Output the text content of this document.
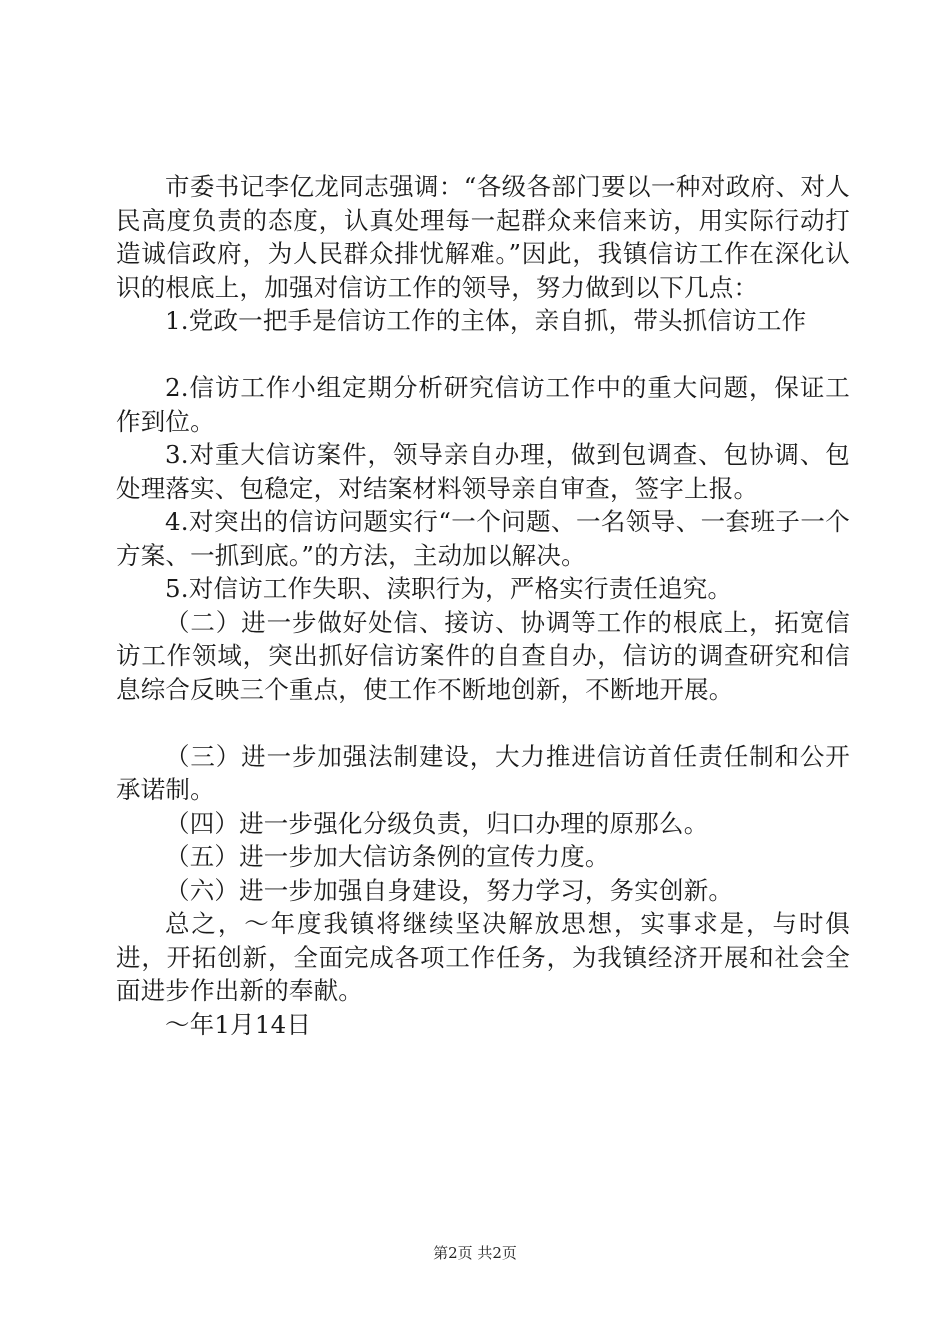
市委书记李亿龙同志强调：“各级各部门要以一种对政府、对人民高度负责的态度，认真处理每一起群众来信来访，用实际行动打造诚信政府，为人民群众排忧解难。”因此，我镇信访工作在深化认识的根底上，加强对信访工作的领导，努力做到以下几点：

1.党政一把手是信访工作的主体，亲自抓，带头抓信访工作

2.信访工作小组定期分析研究信访工作中的重大问题，保证工作到位。

3.对重大信访案件，领导亲自办理，做到包调查、包协调、包处理落实、包稳定，对结案材料领导亲自审查，签字上报。

4.对突出的信访问题实行“一个问题、一名领导、一套班子一个方案、一抓到底。”的方法，主动加以解决。

5.对信访工作失职、渎职行为，严格实行责任追究。

（二）进一步做好处信、接访、协调等工作的根底上，拓宽信访工作领域，突出抓好信访案件的自查自办，信访的调查研究和信息综合反映三个重点，使工作不断地创新，不断地开展。

（三）进一步加强法制建设，大力推进信访首任责任制和公开承诺制。

（四）进一步强化分级负责，归口办理的原那么。

（五）进一步加大信访条例的宣传力度。

（六）进一步加强自身建设，努力学习，务实创新。

总之，～年度我镇将继续坚决解放思想，实事求是，与时俱进，开拓创新，全面完成各项工作任务，为我镇经济开展和社会全面进步作出新的奉献。

～年1月14日

第2页 共2页
